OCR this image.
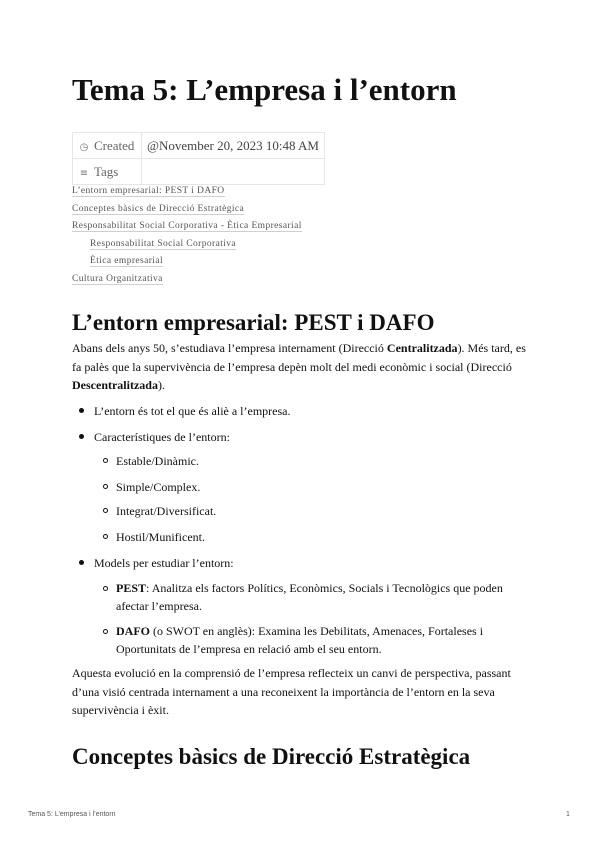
Tema 5: L’empresa i l’entorn
◷ Created	@November 20, 2023 10:48 AM
≡ Tags	
L’entorn empresarial: PEST i DAFO
Conceptes bàsics de Direcció Estratègica
Responsabilitat Social Corporativa - Ètica Empresarial
Responsabilitat Social Corporativa
Ètica empresarial
Cultura Organitzativa
L’entorn empresarial: PEST i DAFO
Abans dels anys 50, s’estudiava l’empresa internament (Direcció Centralitzada). Més tard, es fa palès que la supervivència de l’empresa depèn molt del medi econòmic i social (Direcció Descentralitzada).
L’entorn és tot el que és aliè a l’empresa.
Característiques de l’entorn:
Estable/Dinàmic.
Simple/Complex.
Integrat/Diversificat.
Hostil/Munificent.
Models per estudiar l’entorn:
PEST: Analitza els factors Polítics, Econòmics, Socials i Tecnològics que poden afectar l’empresa.
DAFO (o SWOT en anglès): Examina les Debilitats, Amenaces, Fortaleses i Oportunitats de l’empresa en relació amb el seu entorn.
Aquesta evolució en la comprensió de l’empresa reflecteix un canvi de perspectiva, passant d’una visió centrada internament a una reconeixent la importància de l’entorn en la seva supervivència i èxit.
Conceptes bàsics de Direcció Estratègica
Tema 5: L’empresa i l’entorn	1
